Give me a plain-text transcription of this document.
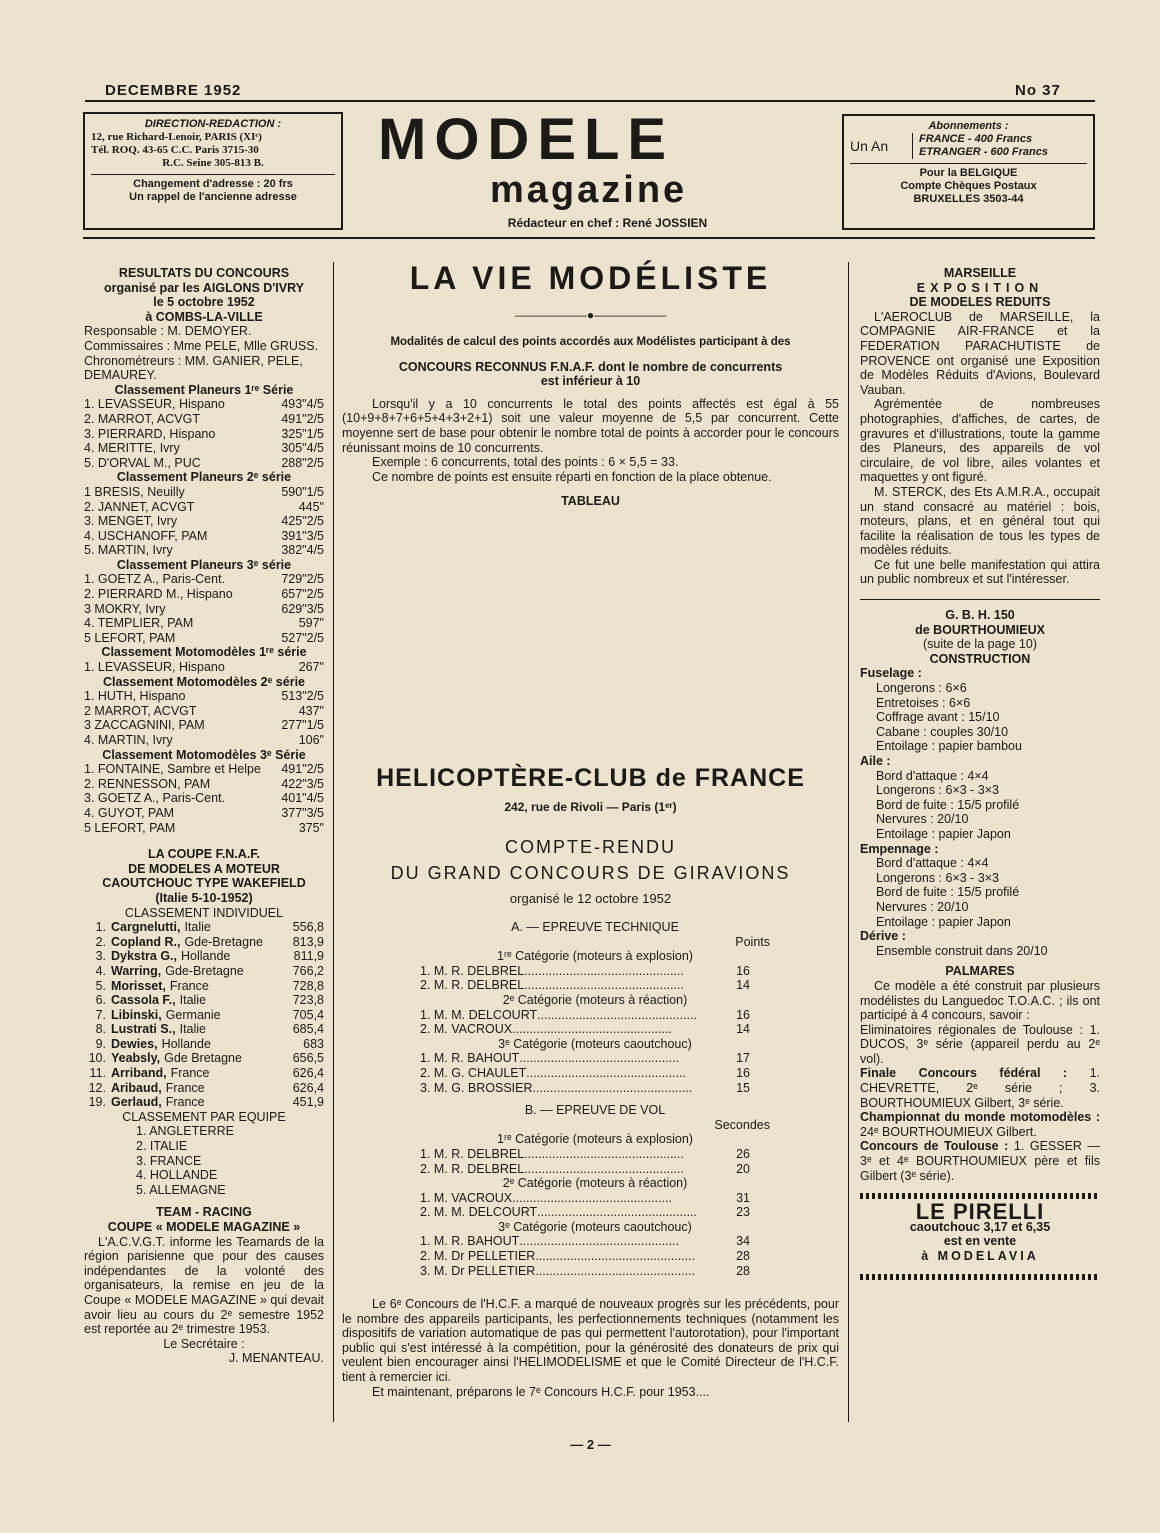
DECEMBRE 1952	No 37
DIRECTION-REDACTION :
12, rue Richard-Lenoir, PARIS (XIᵉ)
Tél. ROQ. 43-65 C.C. Paris 3715-30
R.C. Seine 305-813 B.
Changement d'adresse : 20 frs
Un rappel de l'ancienne adresse
MODELE
magazine
Rédacteur en chef : René JOSSIEN
Abonnements :
Un An	FRANCE - 400 Francs
ETRANGER - 600 Francs
Pour la BELGIQUE
Compte Chèques Postaux
BRUXELLES 3503-44
RESULTATS DU CONCOURS
organisé par les AIGLONS D'IVRY
le 5 octobre 1952
à COMBS-LA-VILLE
Responsable : M. DEMOYER.
Commissaires : Mme PELE, Mlle GRUSS.
Chronométreurs : MM. GANIER, PELE, DEMAUREY.
Classement Planeurs 1ʳᵉ Série
1. LEVASSEUR, Hispano	493"4/5
2. MARROT, ACVGT	491"2/5
3. PIERRARD, Hispano	325"1/5
4. MERITTE, Ivry	305"4/5
5. D'ORVAL M., PUC	288"2/5
Classement Planeurs 2ᵉ série
1 BRESIS, Neuilly	590"1/5
2. JANNET, ACVGT	445"
3. MENGET, Ivry	425"2/5
4. USCHANOFF, PAM	391"3/5
5. MARTIN, Ivry	382"4/5
Classement Planeurs 3ᵉ série
1. GOETZ A., Paris-Cent.	729"2/5
2. PIERRARD M., Hispano	657"2/5
3 MOKRY, Ivry	629"3/5
4. TEMPLIER, PAM	597"
5 LEFORT, PAM	527"2/5
Classement Motomodèles 1ʳᵉ série
1. LEVASSEUR, Hispano	267"
Classement Motomodèles 2ᵉ série
1. HUTH, Hispano	513"2/5
2 MARROT, ACVGT	437"
3 ZACCAGNINI, PAM	277"1/5
4. MARTIN, Ivry	106"
Classement Motomodèles 3ᵉ Série
1. FONTAINE, Sambre et Helpe 491"2/5
2. RENNESSON, PAM	422"3/5
3. GOETZ A., Paris-Cent.	401"4/5
4. GUYOT, PAM	377"3/5
5 LEFORT, PAM	375"
LA COUPE F.N.A.F.
DE MODELES A MOTEUR
CAOUTCHOUC TYPE WAKEFIELD
(Italie 5-10-1952)
CLASSEMENT INDIVIDUEL
1. Cargnelutti, Italie	556,8
2. Copland R., Gde-Bretagne	813,9
3. Dykstra G., Hollande	811,9
4. Warring, Gde-Bretagne	766,2
5. Morisset, France	728,8
6. Cassola F., Italie	723,8
7. Libinski, Germanie	705,4
8. Lustrati S., Italie	685,4
9. Dewies, Hollande	683
10. Yeabsly, Gde Bretagne	656,5
11. Arriband, France	626,4
12. Aribaud, France	626,4
19. Gerlaud, France	451,9
CLASSEMENT PAR EQUIPE
1. ANGLETERRE
2. ITALIE
3. FRANCE
4. HOLLANDE
5. ALLEMAGNE
TEAM - RACING
COUPE « MODELE MAGAZINE »
L'A.C.V.G.T. informe les Teamards de la région parisienne que pour des causes indépendantes de la volonté des organisateurs, la remise en jeu de la Coupe « MODELE MAGAZINE » qui devait avoir lieu au cours du 2ᵉ semestre 1952 est reportée au 2ᵉ trimestre 1953.
Le Secrétaire :
J. MENANTEAU.
LA VIE MODÉLISTE
——————●——————
Modalités de calcul des points accordés aux Modélistes participant à des
CONCOURS RECONNUS F.N.A.F. dont le nombre de concurrents
est inférieur à 10
Lorsqu'il y a 10 concurrents le total des points affectés est égal à 55 (10+9+8+7+6+5+4+3+2+1) soit une valeur moyenne de 5,5 par concurrent. Cette moyenne sert de base pour obtenir le nombre total de points à accorder pour le concours réunissant moins de 10 concurrents.
Exemple : 6 concurrents, total des points : 6 × 5,5 = 33.
Ce nombre de points est ensuite réparti en fonction de la place obtenue.
TABLEAU
HELICOPTÈRE-CLUB de FRANCE
242, rue de Rivoli — Paris (1ᵉʳ)
COMPTE-RENDU
DU GRAND CONCOURS DE GIRAVIONS
organisé le 12 octobre 1952
A. — EPREUVE TECHNIQUE
Points
1ʳᵉ Catégorie (moteurs à explosion)
1. M. R. DELBREL ..............................................	16
2. M. R. DELBREL ..............................................	14
2ᵉ Catégorie (moteurs à réaction)
1. M. M. DELCOURT ..............................................	16
2. M. VACROUX ..............................................	14
3ᵉ Catégorie (moteurs caoutchouc)
1. M. R. BAHOUT ..............................................	17
2. M. G. CHAULET ..............................................	16
3. M. G. BROSSIER ..............................................	15
B. — EPREUVE DE VOL
Secondes
1ʳᵉ Catégorie (moteurs à explosion)
1. M. R. DELBREL ..............................................	26
2. M. R. DELBREL ..............................................	20
2ᵉ Catégorie (moteurs à réaction)
1. M. VACROUX ..............................................	31
2. M. M. DELCOURT ..............................................	23
3ᵉ Catégorie (moteurs caoutchouc)
1. M. R. BAHOUT ..............................................	34
2. M. Dr PELLETIER ..............................................	28
3. M. Dr PELLETIER ..............................................	28
Le 6ᵉ Concours de l'H.C.F. a marqué de nouveaux progrès sur les précédents, pour le nombre des appareils participants, les perfectionnements techniques (notamment les dispositifs de variation automatique de pas qui permettent l'autorotation), pour l'important public qui s'est intéressé à la compétition, pour la générosité des donateurs de prix qui veulent bien encourager ainsi l'HELIMODELISME et que le Comité Directeur de l'H.C.F. tient à remercier ici.
Et maintenant, préparons le 7ᵉ Concours H.C.F. pour 1953....
— 2 —
MARSEILLE
EXPOSITION
DE MODELES REDUITS
L'AEROCLUB de MARSEILLE, la COMPAGNIE AIR-FRANCE et la FEDERATION PARACHUTISTE de PROVENCE ont organisé une Exposition de Modèles Réduits d'Avions, Boulevard Vauban.
Agrémentée de nombreuses photographies, d'affiches, de cartes, de gravures et d'illustrations, toute la gamme des Planeurs, des appareils de vol circulaire, de vol libre, ailes volantes et maquettes y ont figuré.
M. STERCK, des Ets A.M.R.A., occupait un stand consacré au matériel : bois, moteurs, plans, et en général tout qui facilite la réalisation de tous les types de modèles réduits.
Ce fut une belle manifestation qui attira un public nombreux et sut l'intéresser.
G. B. H. 150
de BOURTHOUMIEUX
(suite de la page 10)
CONSTRUCTION
Fuselage :
Longerons : 6×6
Entretoises : 6×6
Coffrage avant : 15/10
Cabane : couples 30/10
Entoilage : papier bambou
Aile :
Bord d'attaque : 4×4
Longerons : 6×3 - 3×3
Bord de fuite : 15/5 profilé
Nervures : 20/10
Entoilage : papier Japon
Empennage :
Bord d'attaque : 4×4
Longerons : 6×3 - 3×3
Bord de fuite : 15/5 profilé
Nervures : 20/10
Entoilage : papier Japon
Dérive :
Ensemble construit dans 20/10
PALMARES
Ce modèle a été construit par plusieurs modélistes du Languedoc T.O.A.C. ; ils ont participé à 4 concours, savoir :
Eliminatoires régionales de Toulouse : 1. DUCOS, 3ᵉ série (appareil perdu au 2ᵉ vol).
Finale Concours fédéral : 1. CHEVRETTE, 2ᵉ série ; 3. BOURTHOUMIEUX Gilbert, 3ᵉ série.
Championnat du monde motomodèles : 24ᵉ BOURTHOUMIEUX Gilbert.
Concours de Toulouse : 1. GESSER — 3ᵉ et 4ᵉ BOURTHOUMIEUX père et fils Gilbert (3ᵉ série).
LE PIRELLI
caoutchouc 3,17 et 6,35
est en vente
à MODELAVIA
